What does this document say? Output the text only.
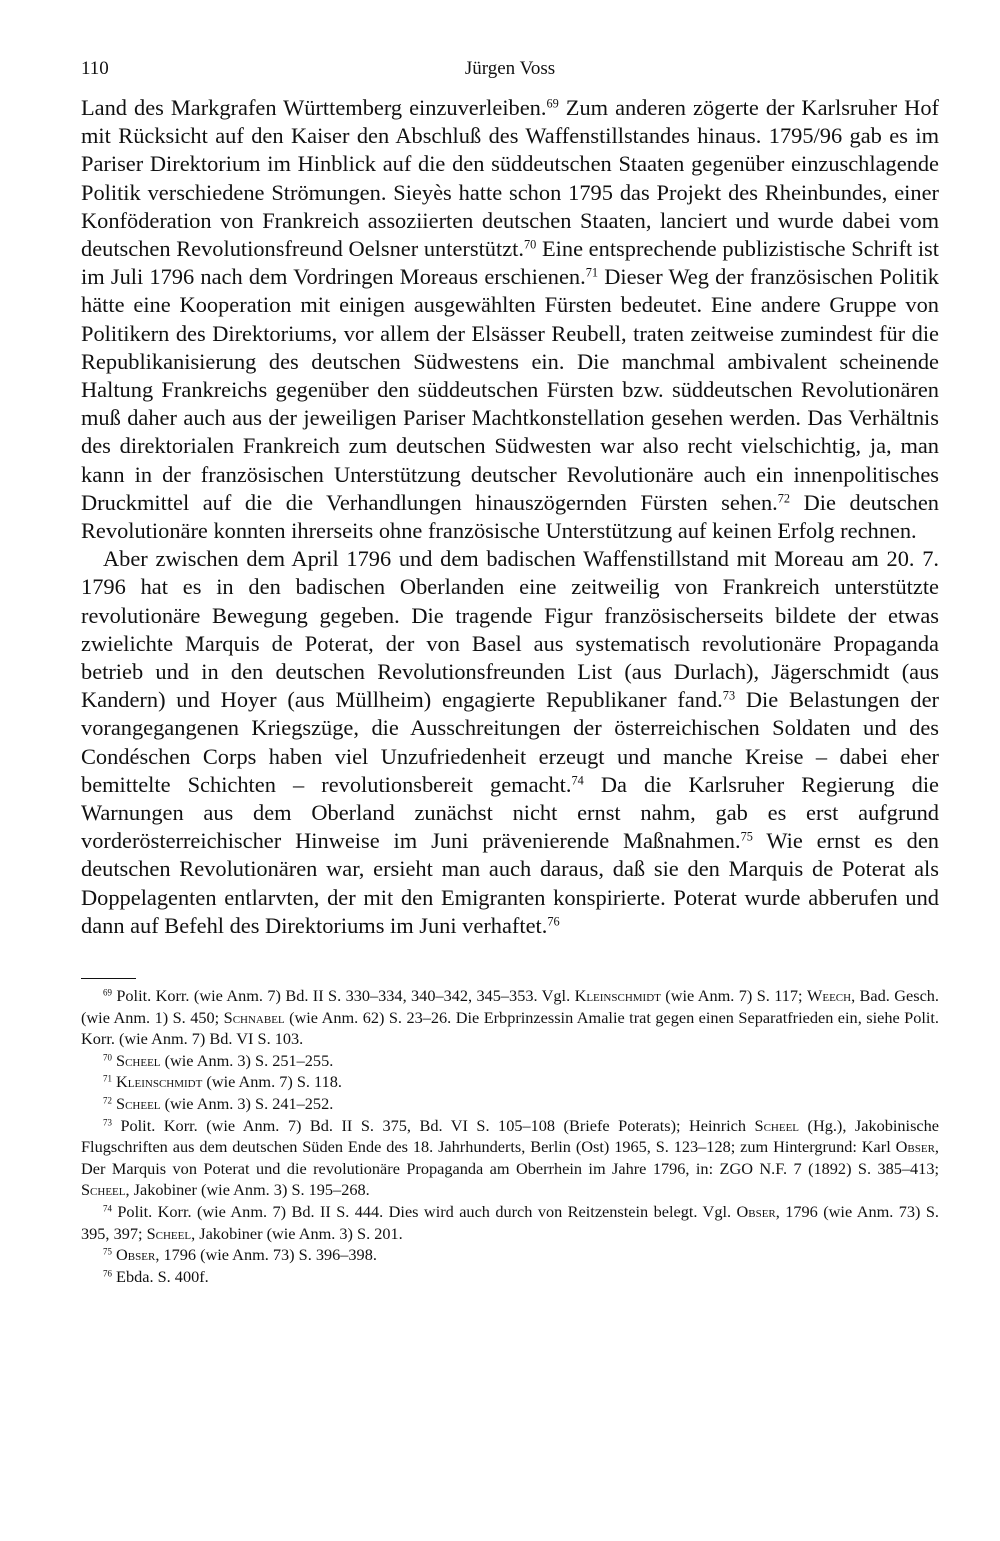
110	Jürgen Voss

Land des Markgrafen Württemberg einzuverleiben.$^{69}$ Zum anderen zögerte der Karlsruher Hof mit Rücksicht auf den Kaiser den Abschluß des Waffenstillstandes hinaus. 1795/96 gab es im Pariser Direktorium im Hinblick auf die den süddeutschen Staaten gegenüber einzuschlagende Politik verschiedene Strömungen. Sieyès hatte schon 1795 das Projekt des Rheinbundes, einer Konföderation von Frankreich assoziierten deutschen Staaten, lanciert und wurde dabei vom deutschen Revolutionsfreund Oelsner unterstützt.$^{70}$ Eine entsprechende publizistische Schrift ist im Juli 1796 nach dem Vordringen Moreaus erschienen.$^{71}$ Dieser Weg der französischen Politik hätte eine Kooperation mit einigen ausgewählten Fürsten bedeutet. Eine andere Gruppe von Politikern des Direktoriums, vor allem der Elsässer Reubell, traten zeitweise zumindest für die Republikanisierung des deutschen Südwestens ein. Die manchmal ambivalent scheinende Haltung Frankreichs gegenüber den süddeutschen Fürsten bzw. süddeutschen Revolutionären muß daher auch aus der jeweiligen Pariser Machtkonstellation gesehen werden. Das Verhältnis des direktorialen Frankreich zum deutschen Südwesten war also recht vielschichtig, ja, man kann in der französischen Unterstützung deutscher Revolutionäre auch ein innenpolitisches Druckmittel auf die die Verhandlungen hinauszögernden Fürsten sehen.$^{72}$ Die deutschen Revolutionäre konnten ihrerseits ohne französische Unterstützung auf keinen Erfolg rechnen.

Aber zwischen dem April 1796 und dem badischen Waffenstillstand mit Moreau am 20. 7. 1796 hat es in den badischen Oberlanden eine zeitweilig von Frankreich unterstützte revolutionäre Bewegung gegeben. Die tragende Figur französischerseits bildete der etwas zwielichte Marquis de Poterat, der von Basel aus systematisch revolutionäre Propaganda betrieb und in den deutschen Revolutionsfreunden List (aus Durlach), Jägerschmidt (aus Kandern) und Hoyer (aus Müllheim) engagierte Republikaner fand.$^{73}$ Die Belastungen der vorangegangenen Kriegszüge, die Ausschreitungen der österreichischen Soldaten und des Condéschen Corps haben viel Unzufriedenheit erzeugt und manche Kreise – dabei eher bemittelte Schichten – revolutionsbereit gemacht.$^{74}$ Da die Karlsruher Regierung die Warnungen aus dem Oberland zunächst nicht ernst nahm, gab es erst aufgrund vorderösterreichischer Hinweise im Juni prävenierende Maßnahmen.$^{75}$ Wie ernst es den deutschen Revolutionären war, ersieht man auch daraus, daß sie den Marquis de Poterat als Doppelagenten entlarvten, der mit den Emigranten konspirierte. Poterat wurde abberufen und dann auf Befehl des Direktoriums im Juni verhaftet.$^{76}$

$^{69}$ Polit. Korr. (wie Anm. 7) Bd. II S. 330–334, 340–342, 345–353. Vgl. Kleinschmidt (wie Anm. 7) S. 117; Weech, Bad. Gesch. (wie Anm. 1) S. 450; Schnabel (wie Anm. 62) S. 23–26. Die Erbprinzessin Amalie trat gegen einen Separatfrieden ein, siehe Polit. Korr. (wie Anm. 7) Bd. VI S. 103.

$^{70}$ Scheel (wie Anm. 3) S. 251–255.

$^{71}$ Kleinschmidt (wie Anm. 7) S. 118.

$^{72}$ Scheel (wie Anm. 3) S. 241–252.

$^{73}$ Polit. Korr. (wie Anm. 7) Bd. II S. 375, Bd. VI S. 105–108 (Briefe Poterats); Heinrich Scheel (Hg.), Jakobinische Flugschriften aus dem deutschen Süden Ende des 18. Jahrhunderts, Berlin (Ost) 1965, S. 123–128; zum Hintergrund: Karl Obser, Der Marquis von Poterat und die revolutionäre Propaganda am Oberrhein im Jahre 1796, in: ZGO N.F. 7 (1892) S. 385–413; Scheel, Jakobiner (wie Anm. 3) S. 195–268.

$^{74}$ Polit. Korr. (wie Anm. 7) Bd. II S. 444. Dies wird auch durch von Reitzenstein belegt. Vgl. Obser, 1796 (wie Anm. 73) S. 395, 397; Scheel, Jakobiner (wie Anm. 3) S. 201.

$^{75}$ Obser, 1796 (wie Anm. 73) S. 396–398.

$^{76}$ Ebda. S. 400f.
